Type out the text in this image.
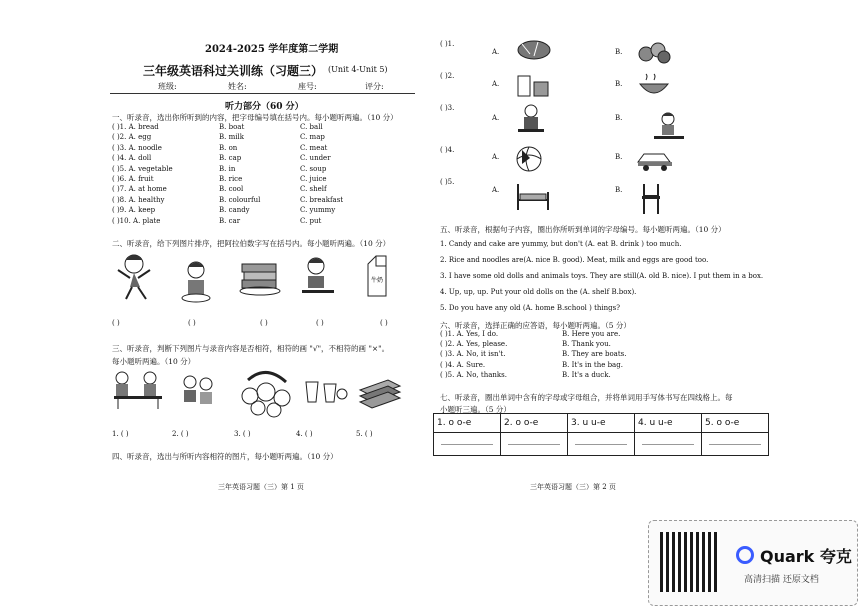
2024-2025 学年度第二学期
三年级英语科过关训练（习题三） (Unit 4-Unit 5)
班级:	姓名:	座号:	评分:
听力部分（60 分）
一、听录音，选出你所听到的内容，把字母编号填在括号内。每小题听两遍。（10 分）
( )1. A. bread	B. boat	C. ball
( )2. A. egg	B. milk	C. map
( )3. A. noodle	B. on	C. meat
( )4. A. doll	B. cap	C. under
( )5. A. vegetable	B. in	C. soup
( )6. A. fruit	B. rice	C. juice
( )7. A. at home	B. cool	C. shelf
( )8. A. healthy	B. colourful	C. breakfast
( )9. A. keep	B. candy	C. yummy
( )10. A. plate	B. car	C. put
二、听录音，给下列图片排序，把阿拉伯数字写在括号内。每小题听两遍。（10 分）
牛奶
( )	( )	( )	( )	( )
三、听录音，判断下列图片与录音内容是否相符，相符的画 "√"，不相符的画 "×"。
每小题听两遍。（10 分）
1. ( )	2. ( )	3. ( )	4. ( )	5. ( )
四、听录音，选出与所听内容相符的图片，每小题听两遍。（10 分）
三年英语习题（三）第 1 页
( )1.
A.	B.
( )2.
A.	B.
( )3.
A.	B.
( )4.
A.	B.
( )5.
A.	B.
五、听录音，根据句子内容，圈出你所听到单词的字母编号。每小题听两遍。（10 分）
1. Candy and cake are yummy, but don't (A. eat B. drink ) too much.
2. Rice and noodles are(A. nice B. good). Meat, milk and eggs are good too.
3. I have some old dolls and animals toys. They are still(A. old B. nice). I put them in a box.
4. Up, up, up. Put your old dolls on the (A. shelf B.box).
5. Do you have any old (A. home B.school ) things?
六、听录音，选择正确的应答语，每小题听两遍。（5 分）
( )1. A. Yes, I do.	B. Here you are.
( )2. A. Yes, please.	B. Thank you.
( )3. A. No, it isn't.	B. They are boats.
( )4. A. Sure.	B. It's in the bag.
( )5. A. No, thanks.	B. It's a duck.
七、听录音，圈出单词中含有的字母或字母组合，并将单词用手写体书写在四线格上。每
小题听三遍。（5 分）
1. o o-e	2. o o-e	3. u u-e	4. u u-e	5. o o-e

三年英语习题（三）第 2 页
Quark 夸克
高清扫描 还原文档
